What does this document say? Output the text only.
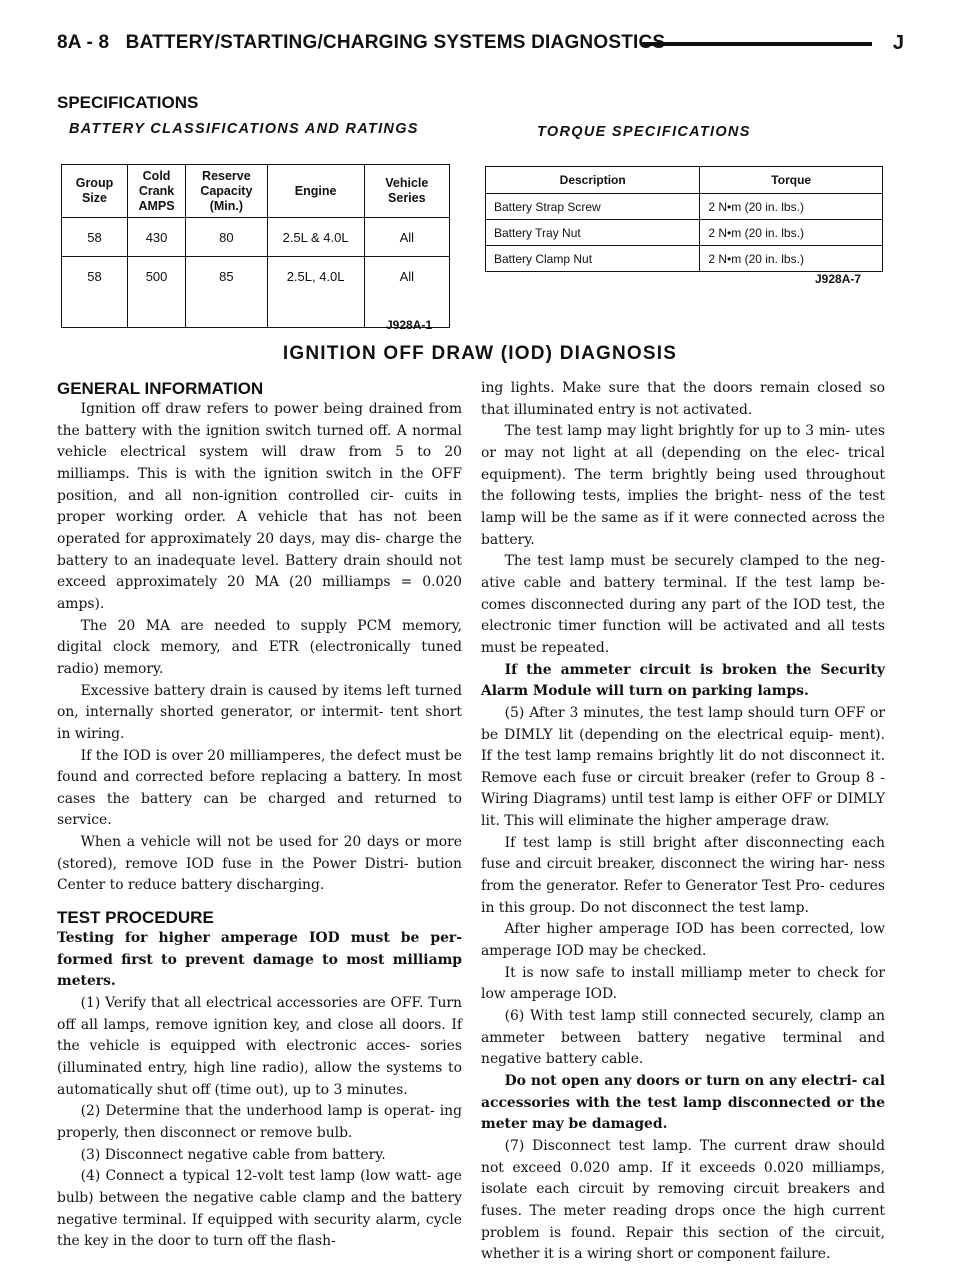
8A - 8   BATTERY/STARTING/CHARGING SYSTEMS DIAGNOSTICS	J
SPECIFICATIONS
BATTERY CLASSIFICATIONS AND RATINGS	TORQUE SPECIFICATIONS
Group Size	Cold Crank AMPS	Reserve Capacity (Min.)	Engine	Vehicle Series
58	430	80	2.5L & 4.0L	All
58	500	85	2.5L, 4.0L	All
J928A-1
Description	Torque
Battery Strap Screw	2 N•m (20 in. lbs.)
Battery Tray Nut	2 N•m (20 in. lbs.)
Battery Clamp Nut	2 N•m (20 in. lbs.)
J928A-7
IGNITION OFF DRAW (IOD) DIAGNOSIS
GENERAL INFORMATION

Ignition off draw refers to power being drained from the battery with the ignition switch turned off. A normal vehicle electrical system will draw from 5 to 20 milliamps. This is with the ignition switch in the OFF position, and all non-ignition controlled cir- cuits in proper working order. A vehicle that has not been operated for approximately 20 days, may dis- charge the battery to an inadequate level. Battery drain should not exceed approximately 20 MA (20 milliamps = 0.020 amps).

The 20 MA are needed to supply PCM memory, digital clock memory, and ETR (electronically tuned radio) memory.

Excessive battery drain is caused by items left turned on, internally shorted generator, or intermit- tent short in wiring.

If the IOD is over 20 milliamperes, the defect must be found and corrected before replacing a battery. In most cases the battery can be charged and returned to service.

When a vehicle will not be used for 20 days or more (stored), remove IOD fuse in the Power Distri- bution Center to reduce battery discharging.

TEST PROCEDURE

Testing for higher amperage IOD must be per- formed first to prevent damage to most milliamp meters.

(1) Verify that all electrical accessories are OFF. Turn off all lamps, remove ignition key, and close all doors. If the vehicle is equipped with electronic acces- sories (illuminated entry, high line radio), allow the systems to automatically shut off (time out), up to 3 minutes.

(2) Determine that the underhood lamp is operat- ing properly, then disconnect or remove bulb.

(3) Disconnect negative cable from battery.

(4) Connect a typical 12-volt test lamp (low watt- age bulb) between the negative cable clamp and the battery negative terminal. If equipped with security alarm, cycle the key in the door to turn off the flash-

ing lights. Make sure that the doors remain closed so that illuminated entry is not activated.

The test lamp may light brightly for up to 3 min- utes or may not light at all (depending on the elec- trical equipment). The term brightly being used throughout the following tests, implies the bright- ness of the test lamp will be the same as if it were connected across the battery.

The test lamp must be securely clamped to the neg- ative cable and battery terminal. If the test lamp be- comes disconnected during any part of the IOD test, the electronic timer function will be activated and all tests must be repeated.

If the ammeter circuit is broken the Security Alarm Module will turn on parking lamps.

(5) After 3 minutes, the test lamp should turn OFF or be DIMLY lit (depending on the electrical equip- ment). If the test lamp remains brightly lit do not disconnect it. Remove each fuse or circuit breaker (refer to Group 8 - Wiring Diagrams) until test lamp is either OFF or DIMLY lit. This will eliminate the higher amperage draw.

If test lamp is still bright after disconnecting each fuse and circuit breaker, disconnect the wiring har- ness from the generator. Refer to Generator Test Pro- cedures in this group. Do not disconnect the test lamp.

After higher amperage IOD has been corrected, low amperage IOD may be checked.

It is now safe to install milliamp meter to check for low amperage IOD.

(6) With test lamp still connected securely, clamp an ammeter between battery negative terminal and negative battery cable.

Do not open any doors or turn on any electri- cal accessories with the test lamp disconnected or the meter may be damaged.

(7) Disconnect test lamp. The current draw should not exceed 0.020 amp. If it exceeds 0.020 milliamps, isolate each circuit by removing circuit breakers and fuses. The meter reading drops once the high current problem is found. Repair this section of the circuit, whether it is a wiring short or component failure.
